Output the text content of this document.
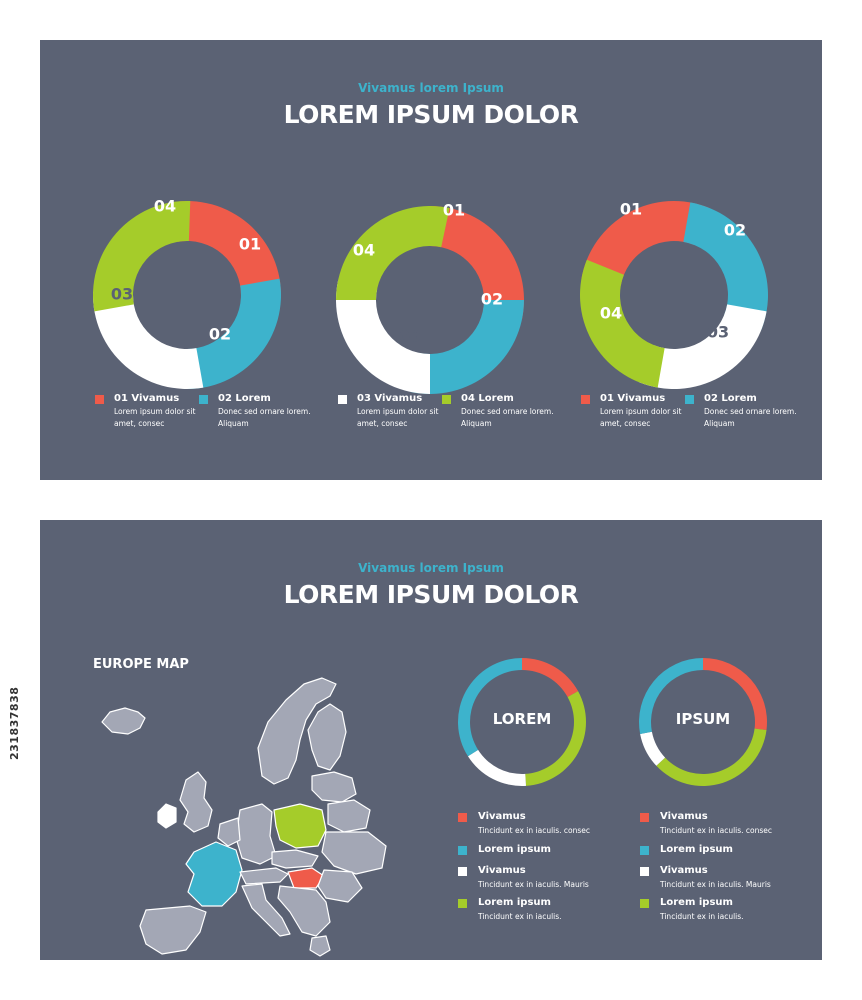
231837838
Vivamus lorem Ipsum
LOREM IPSUM DOLOR
01
02
03
04	01
02
03
04
01
02
03
04
01 Vivamus
Lorem ipsum dolor sit amet, consec
02 Lorem
Donec sed ornare lorem. Aliquam
03 Vivamus
Lorem ipsum dolor sit amet, consec
04 Lorem
Donec sed ornare lorem. Aliquam
01 Vivamus
Lorem ipsum dolor sit amet, consec
02 Lorem
Donec sed ornare lorem. Aliquam
Vivamus lorem Ipsum
LOREM IPSUM DOLOR
EUROPE MAP
LOREM	IPSUM
Vivamus
Tincidunt ex in iaculis. consec
Lorem ipsum
Vivamus
Tincidunt ex in iaculis. Mauris
Lorem ipsum
Tincidunt ex in iaculis.
Vivamus
Tincidunt ex in iaculis. consec
Lorem ipsum
Vivamus
Tincidunt ex in iaculis. Mauris
Lorem ipsum
Tincidunt ex in iaculis.
